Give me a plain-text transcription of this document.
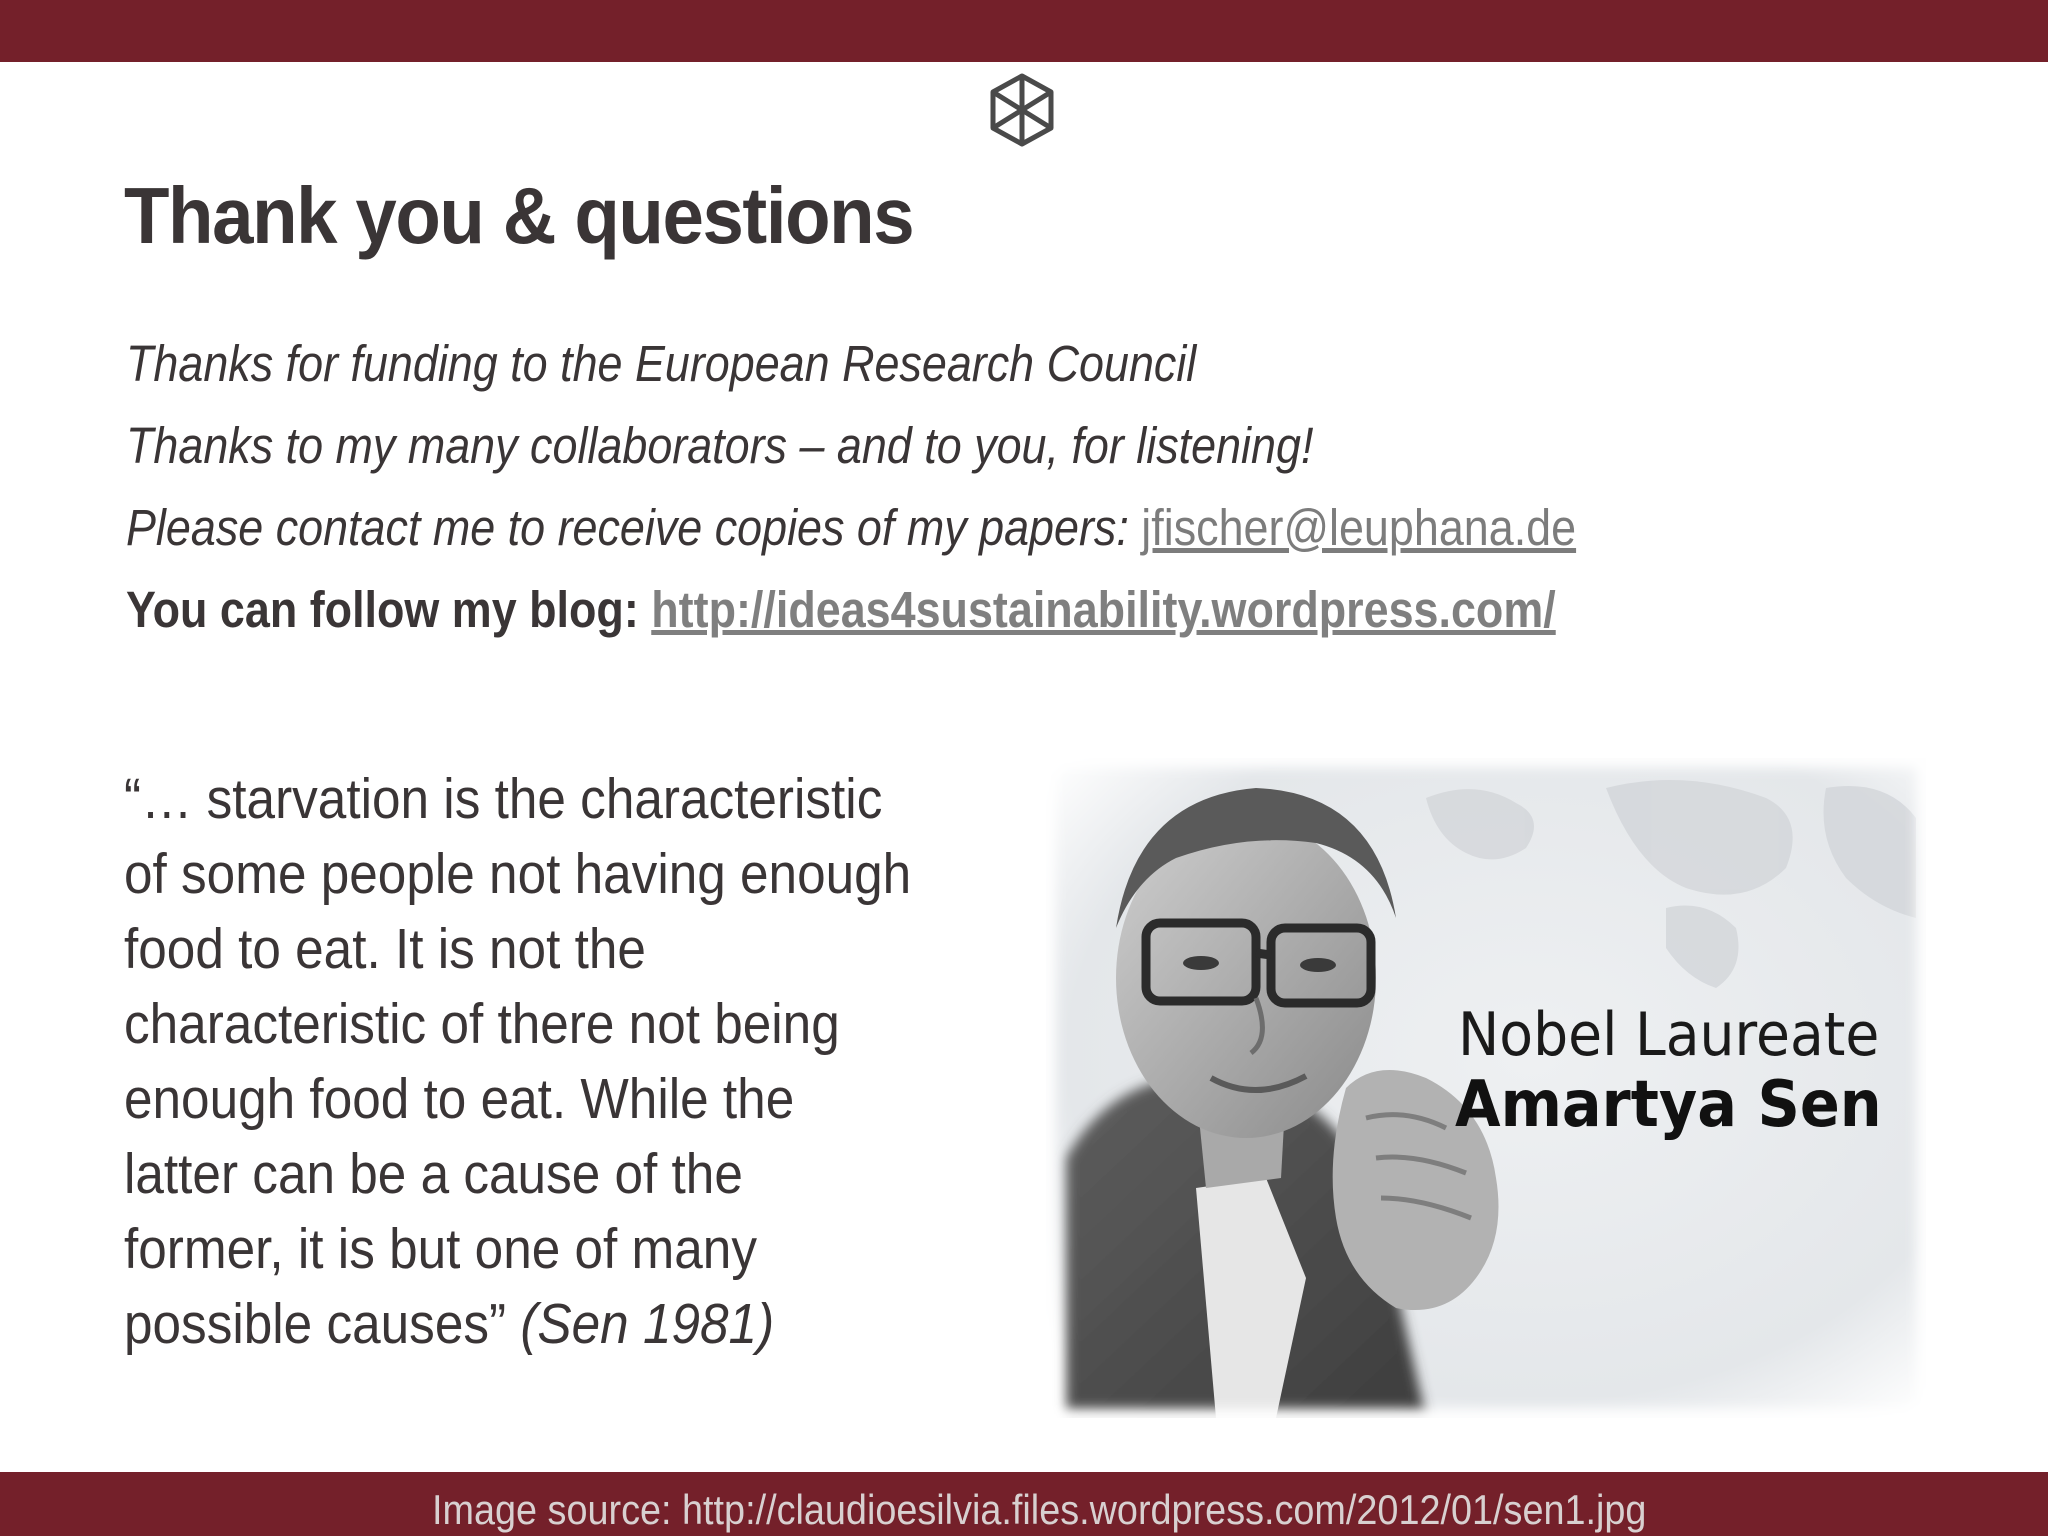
Thank you & questions
Thanks for funding to the European Research Council
Thanks to my many collaborators – and to you, for listening!
Please contact me to receive copies of my papers: jfischer@leuphana.de
You can follow my blog: http://ideas4sustainability.wordpress.com/
“… starvation is the characteristic
of some people not having enough
food to eat. It is not the
characteristic of there not being
enough food to eat. While the
latter can be a cause of the
former, it is but one of many
possible causes” (Sen 1981)
Nobel Laureate
Amartya Sen
Image source: http://claudioesilvia.files.wordpress.com/2012/01/sen1.jpg
